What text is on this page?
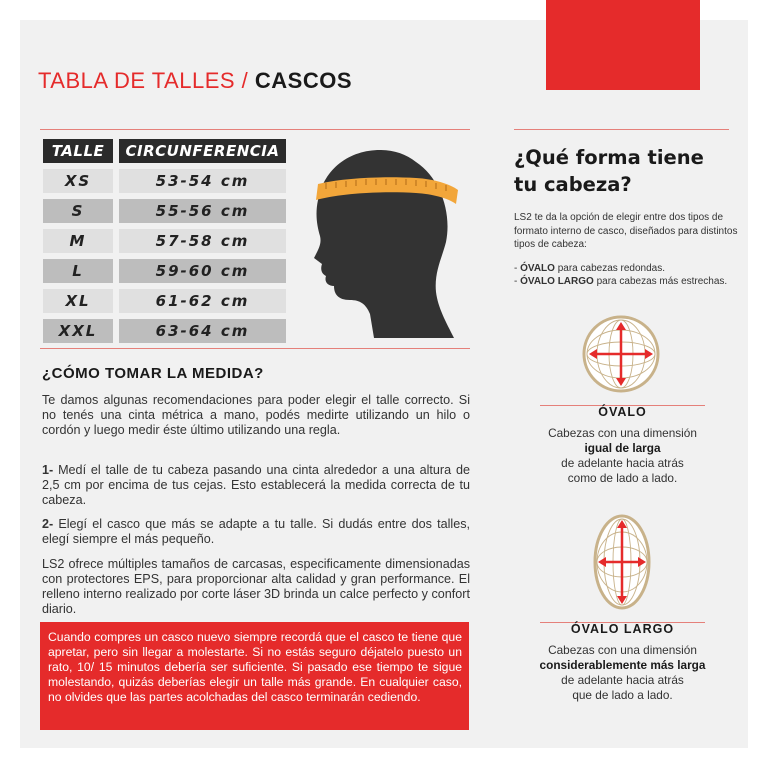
TABLA DE TALLES / CASCOS
TALLE	CIRCUNFERENCIA
XS	53-54 cm
S	55-56 cm
M	57-58 cm
L	59-60 cm
XL	61-62 cm
XXL	63-64 cm
¿CÓMO TOMAR LA MEDIDA?

Te damos algunas recomendaciones para poder elegir el talle correcto. Si no tenés una cinta métrica a mano, podés medirte utilizando un hilo o cordón y luego medir éste último utilizando una regla.

1- Medí el talle de tu cabeza pasando una cinta alrededor a una altura de 2,5 cm por encima de tus cejas. Esto establecerá la medida correcta de tu cabeza.

2- Elegí el casco que más se adapte a tu talle. Si dudás entre dos talles, elegí siempre el más pequeño.

LS2 ofrece múltiples tamaños de carcasas, especificamente dimensionadas con protectores EPS, para proporcionar alta calidad y gran performance. El relleno interno realizado por corte láser 3D brinda un calce perfecto y confort diario.

Cuando compres un casco nuevo siempre recordá que el casco te tiene que apretar, pero sin llegar a molestarte. Si no estás seguro déjatelo puesto un rato, 10/ 15 minutos debería ser suficiente. Si pasado ese tiempo te sigue molestando, quizás deberías elegir un talle más grande. En cualquier caso, no olvides que las partes acolchadas del casco terminarán cediendo.

¿Qué forma tiene
tu cabeza?
LS2 te da la opción de elegir entre dos tipos de formato interno de casco, diseñados para distintos tipos de cabeza:
- ÓVALO para cabezas redondas.
- ÓVALO LARGO para cabezas más estrechas.
ÓVALO
Cabezas con una dimensión
igual de larga
de adelante hacia atrás
como de lado a lado.
ÓVALO LARGO
Cabezas con una dimensión
considerablemente más larga
de adelante hacia atrás
que de lado a lado.
